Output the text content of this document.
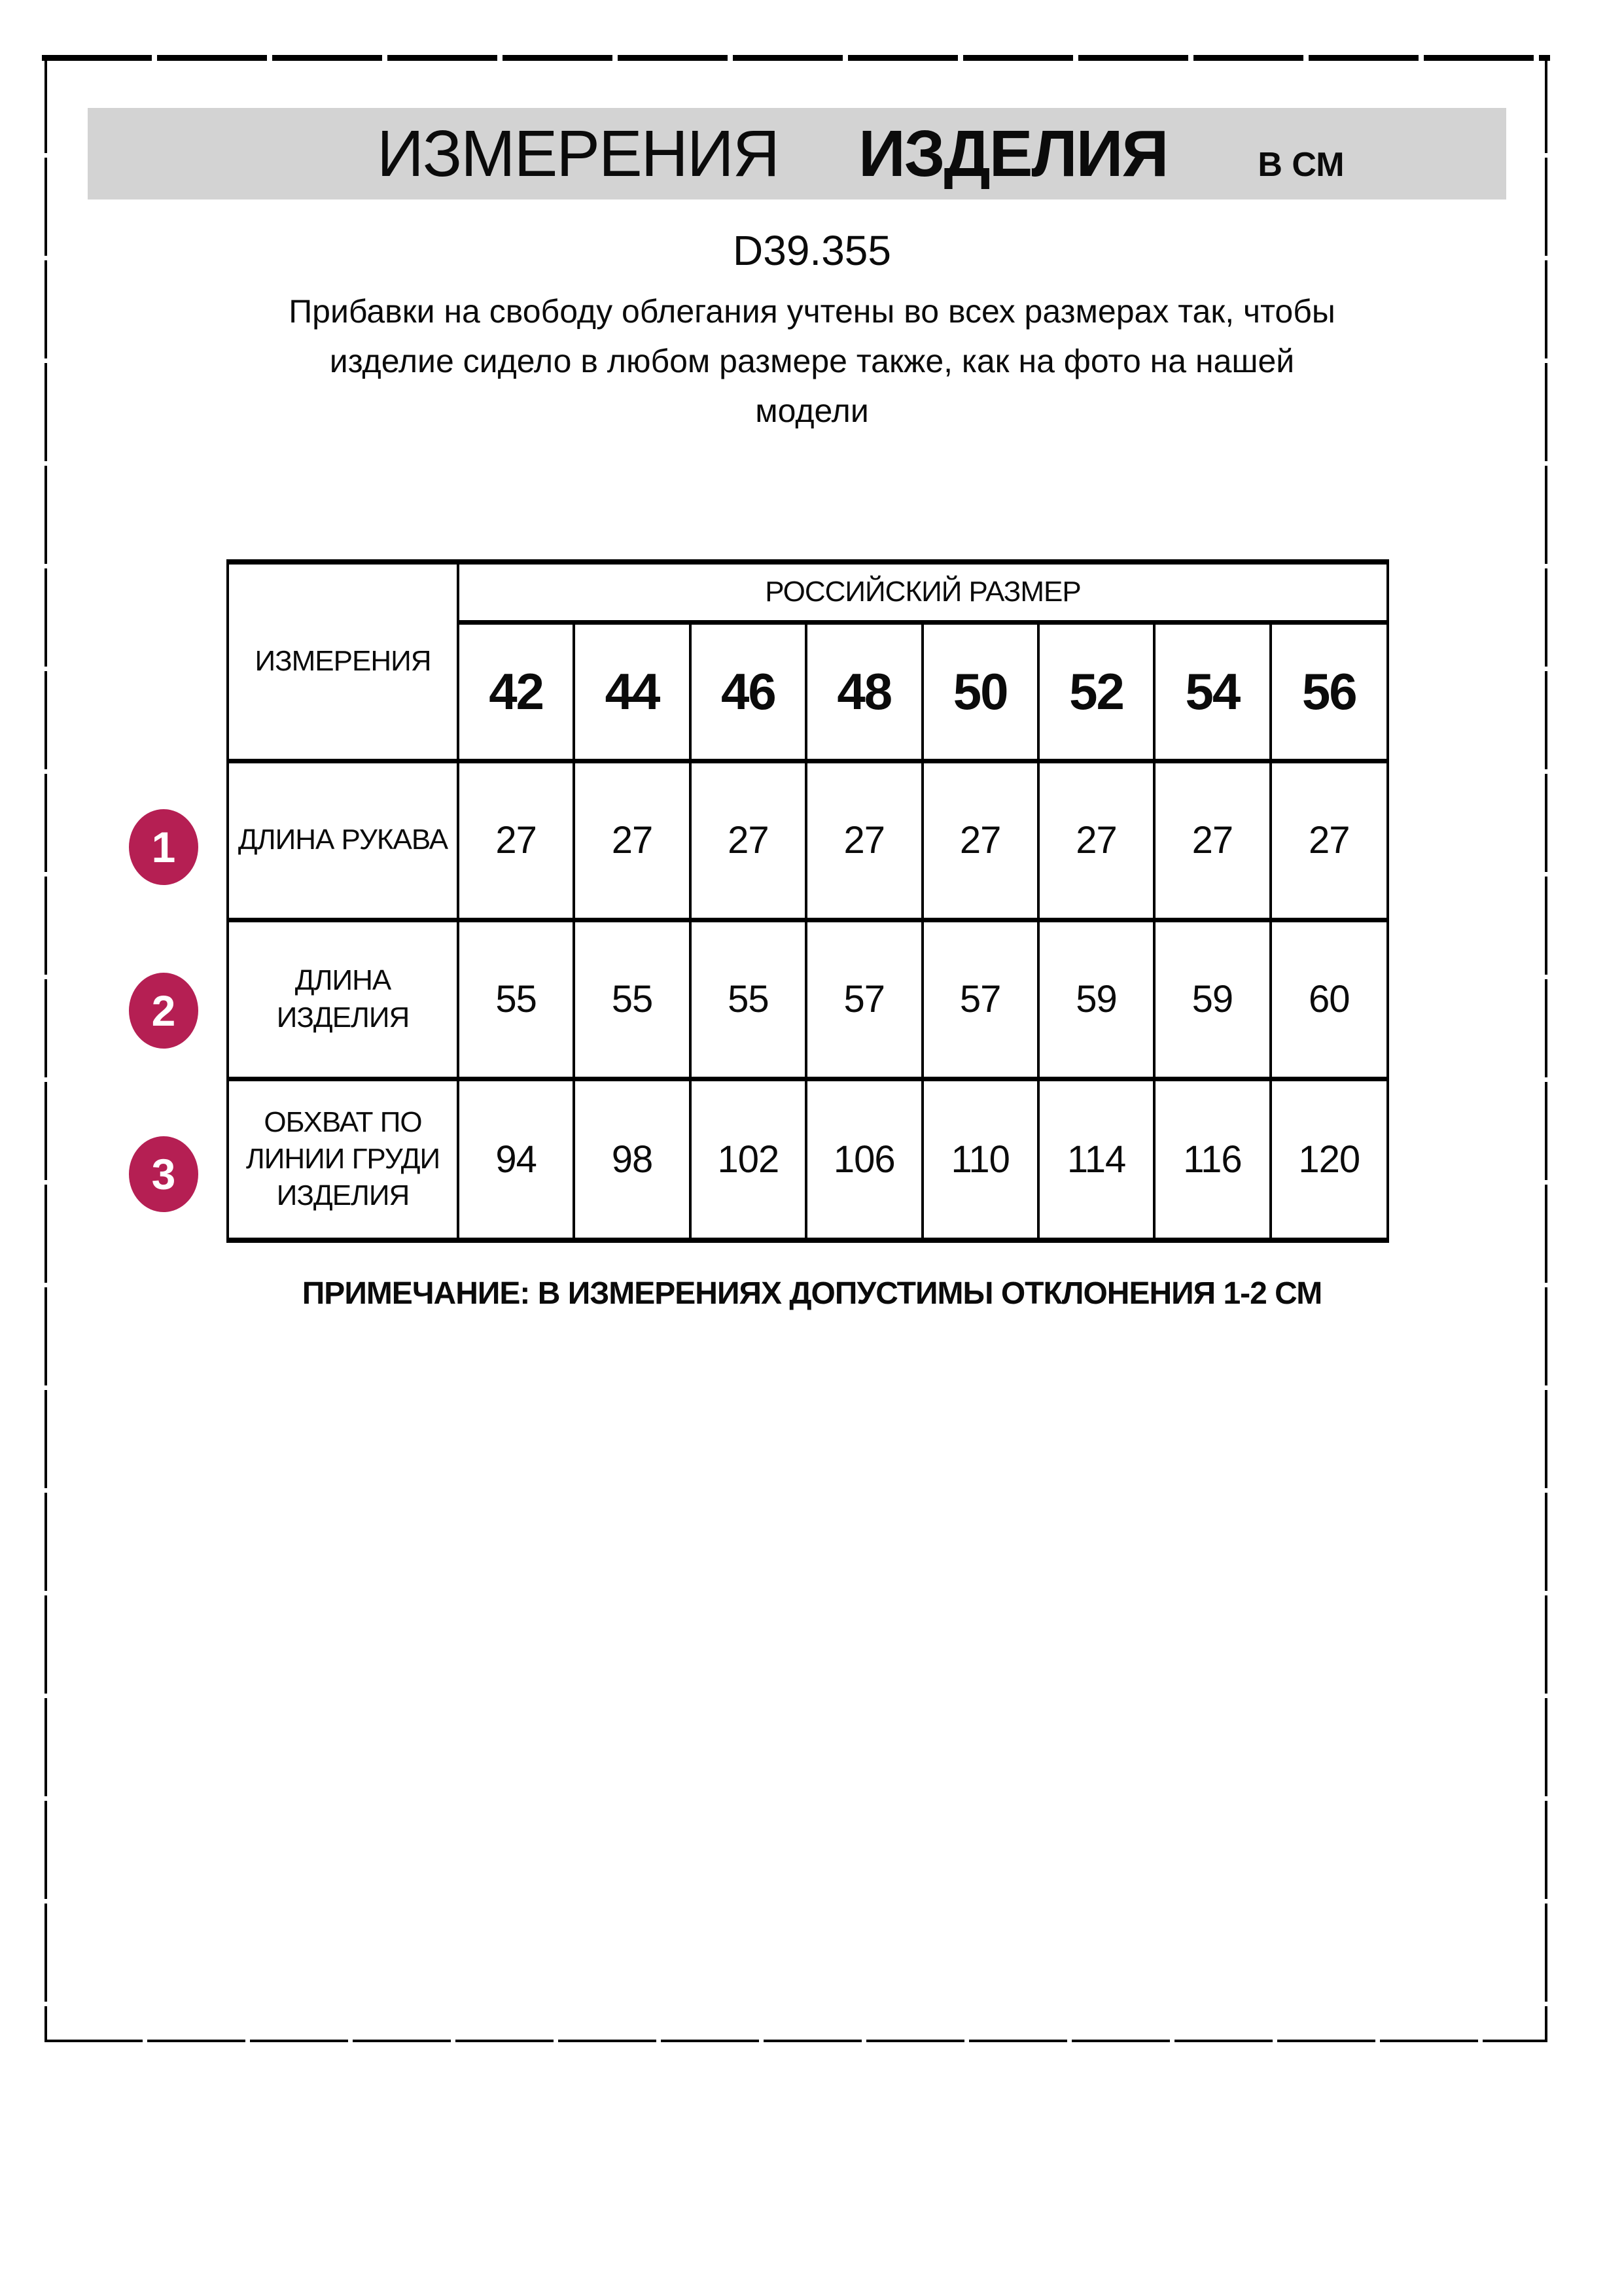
ИЗМЕРЕНИЯ ИЗДЕЛИЯ	В СМ
D39.355
Прибавки на свободу облегания учтены во всех размерах так, чтобы
изделие сидело в любом размере также, как на фото на нашей
модели
ИЗМЕРЕНИЯ	РОССИЙСКИЙ РАЗМЕР							
	42	44	46	48	50	52	54	56

ДЛИНА РУКАВА	27	27	27	27	27	27	27	27

ДЛИНА
ИЗДЕЛИЯ	55	55	55	57	57	59	59	60

ОБХВАТ ПО
ЛИНИИ ГРУДИ
ИЗДЕЛИЯ	94	98	102	106	110	114	116	120
1
2
3
ПРИМЕЧАНИЕ: В ИЗМЕРЕНИЯХ ДОПУСТИМЫ ОТКЛОНЕНИЯ 1-2 СМ
